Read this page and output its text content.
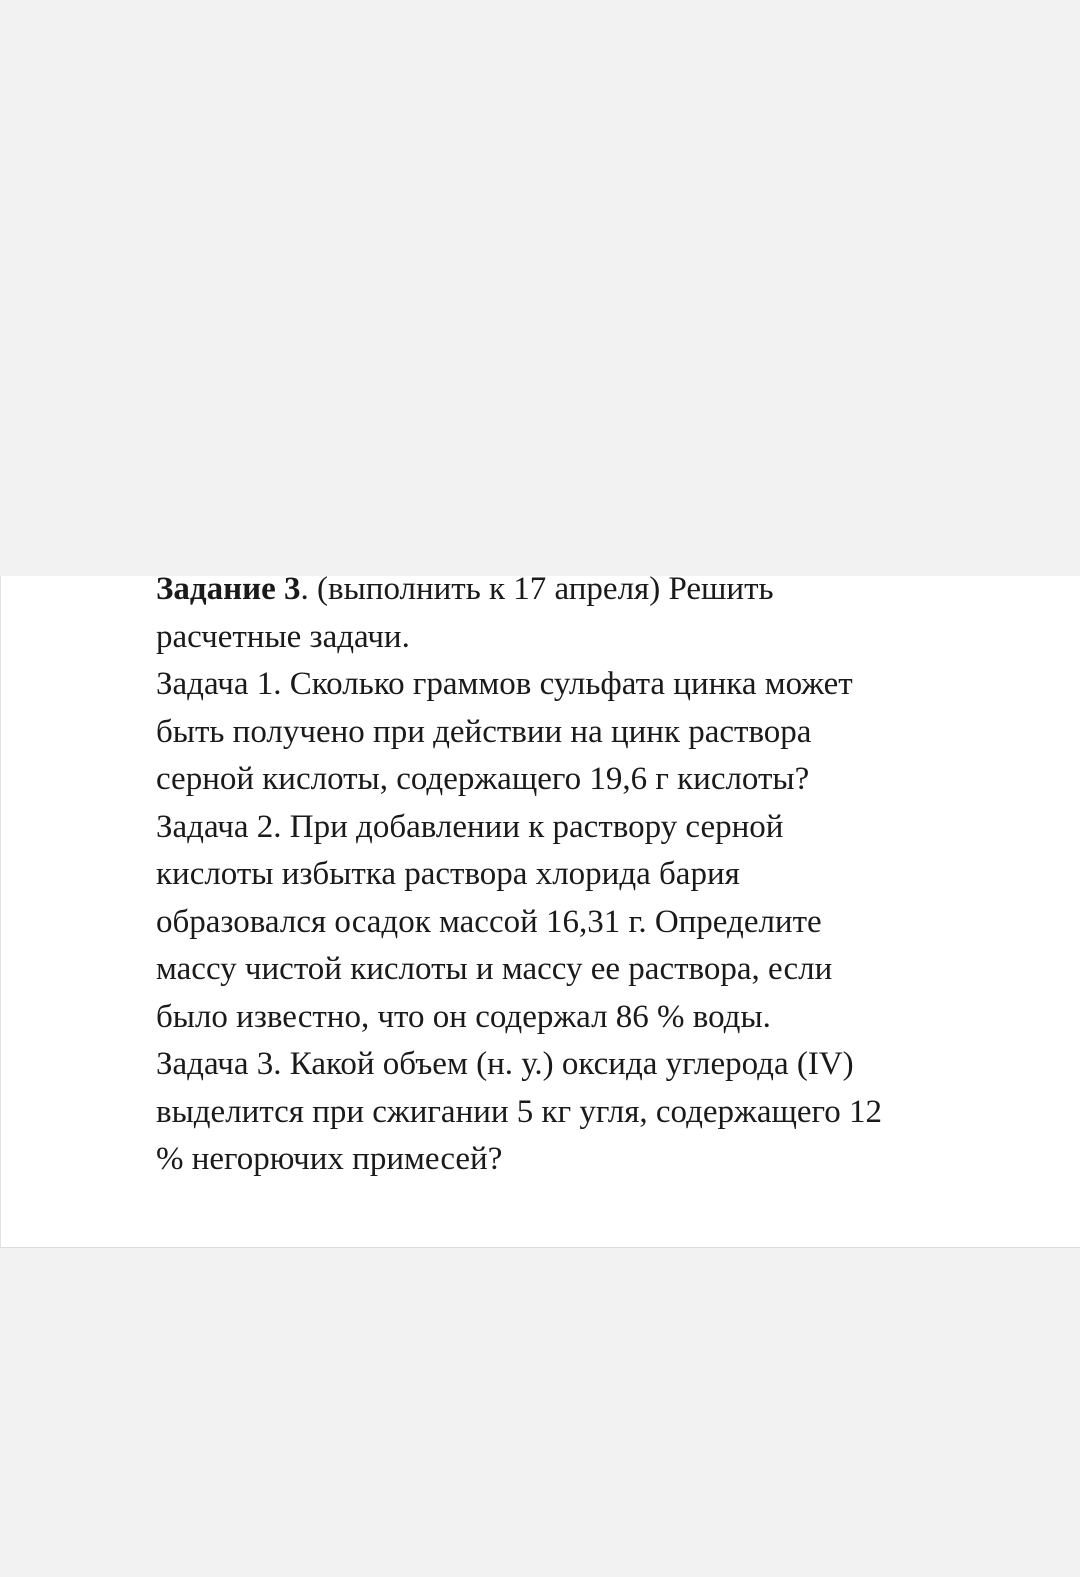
Задание 3. (выполнить к 17 апреля) Решить
расчетные задачи.
Задача 1. Сколько граммов сульфата цинка может
быть получено при действии на цинк раствора
серной кислоты, содержащего 19,6 г кислоты?
Задача 2. При добавлении к раствору серной
кислоты избытка раствора хлорида бария
образовался осадок массой 16,31 г. Определите
массу чистой кислоты и массу ее раствора, если
было известно, что он содержал 86 % воды.
Задача 3. Какой объем (н. у.) оксида углерода (IV)
выделится при сжигании 5 кг угля, содержащего 12
% негорючих примесей?
